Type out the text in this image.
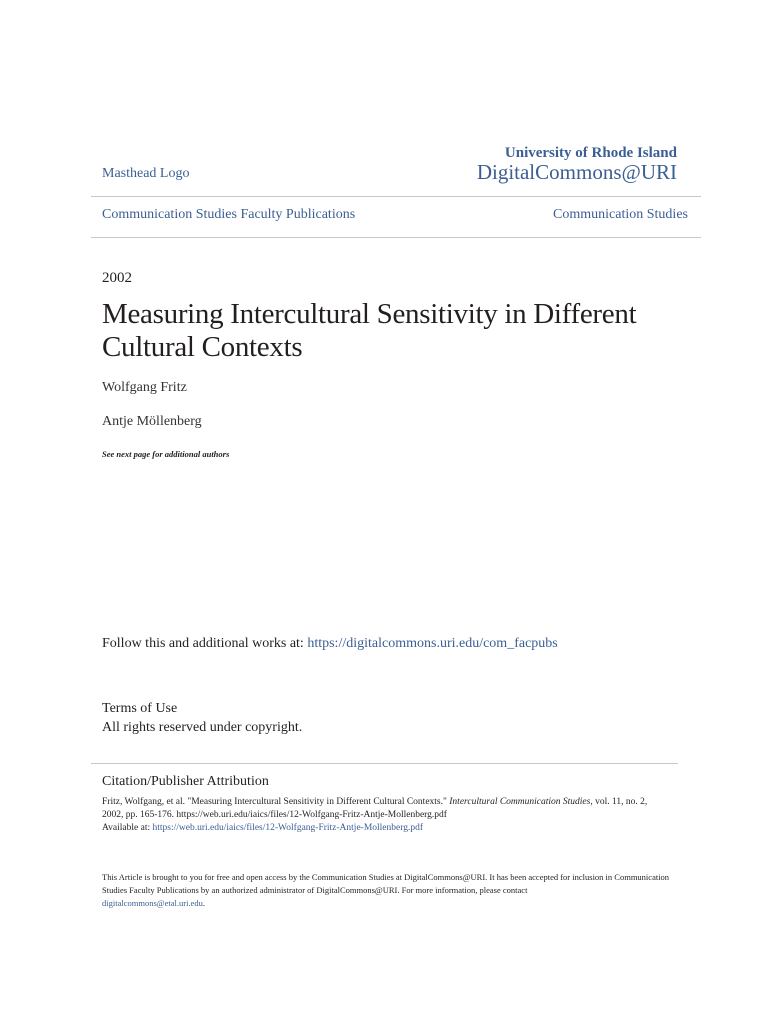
Masthead Logo
University of Rhode Island
DigitalCommons@URI
Communication Studies Faculty Publications	Communication Studies
2002
Measuring Intercultural Sensitivity in Different Cultural Contexts
Wolfgang Fritz
Antje Möllenberg
See next page for additional authors
Follow this and additional works at: https://digitalcommons.uri.edu/com_facpubs
Terms of Use
All rights reserved under copyright.
Citation/Publisher Attribution
Fritz, Wolfgang, et al. "Measuring Intercultural Sensitivity in Different Cultural Contexts." Intercultural Communication Studies, vol. 11, no. 2, 2002, pp. 165-176. https://web.uri.edu/iaics/files/12-Wolfgang-Fritz-Antje-Mollenberg.pdf
Available at: https://web.uri.edu/iaics/files/12-Wolfgang-Fritz-Antje-Mollenberg.pdf
This Article is brought to you for free and open access by the Communication Studies at DigitalCommons@URI. It has been accepted for inclusion in Communication Studies Faculty Publications by an authorized administrator of DigitalCommons@URI. For more information, please contact
digitalcommons@etal.uri.edu.
